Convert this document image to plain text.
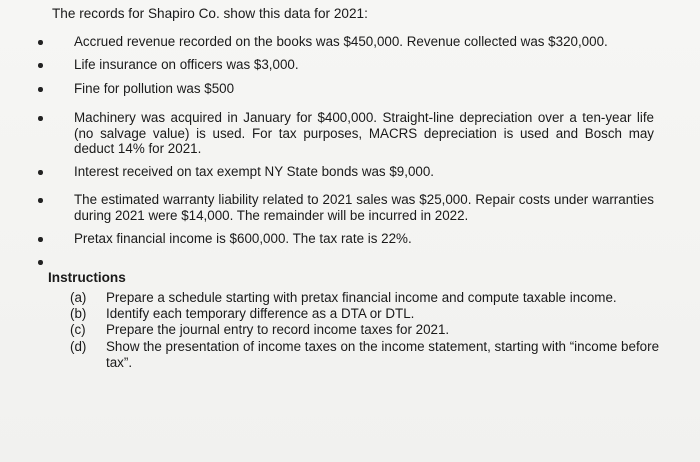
The records for Shapiro Co. show this data for 2021:
Accrued revenue recorded on the books was $450,000. Revenue collected was $320,000.
Life insurance on officers was $3,000.
Fine for pollution was $500
Machinery was acquired in January for $400,000. Straight-line depreciation over a ten-year life (no salvage value) is used. For tax purposes, MACRS depreciation is used and Bosch may deduct 14% for 2021.
Interest received on tax exempt NY State bonds was $9,000.
The estimated warranty liability related to 2021 sales was $25,000. Repair costs under warranties during 2021 were $14,000. The remainder will be incurred in 2022.
Pretax financial income is $600,000. The tax rate is 22%.
Instructions
(a) Prepare a schedule starting with pretax financial income and compute taxable income.
(b) Identify each temporary difference as a DTA or DTL.
(c) Prepare the journal entry to record income taxes for 2021.
(d) Show the presentation of income taxes on the income statement, starting with “income before tax”.
